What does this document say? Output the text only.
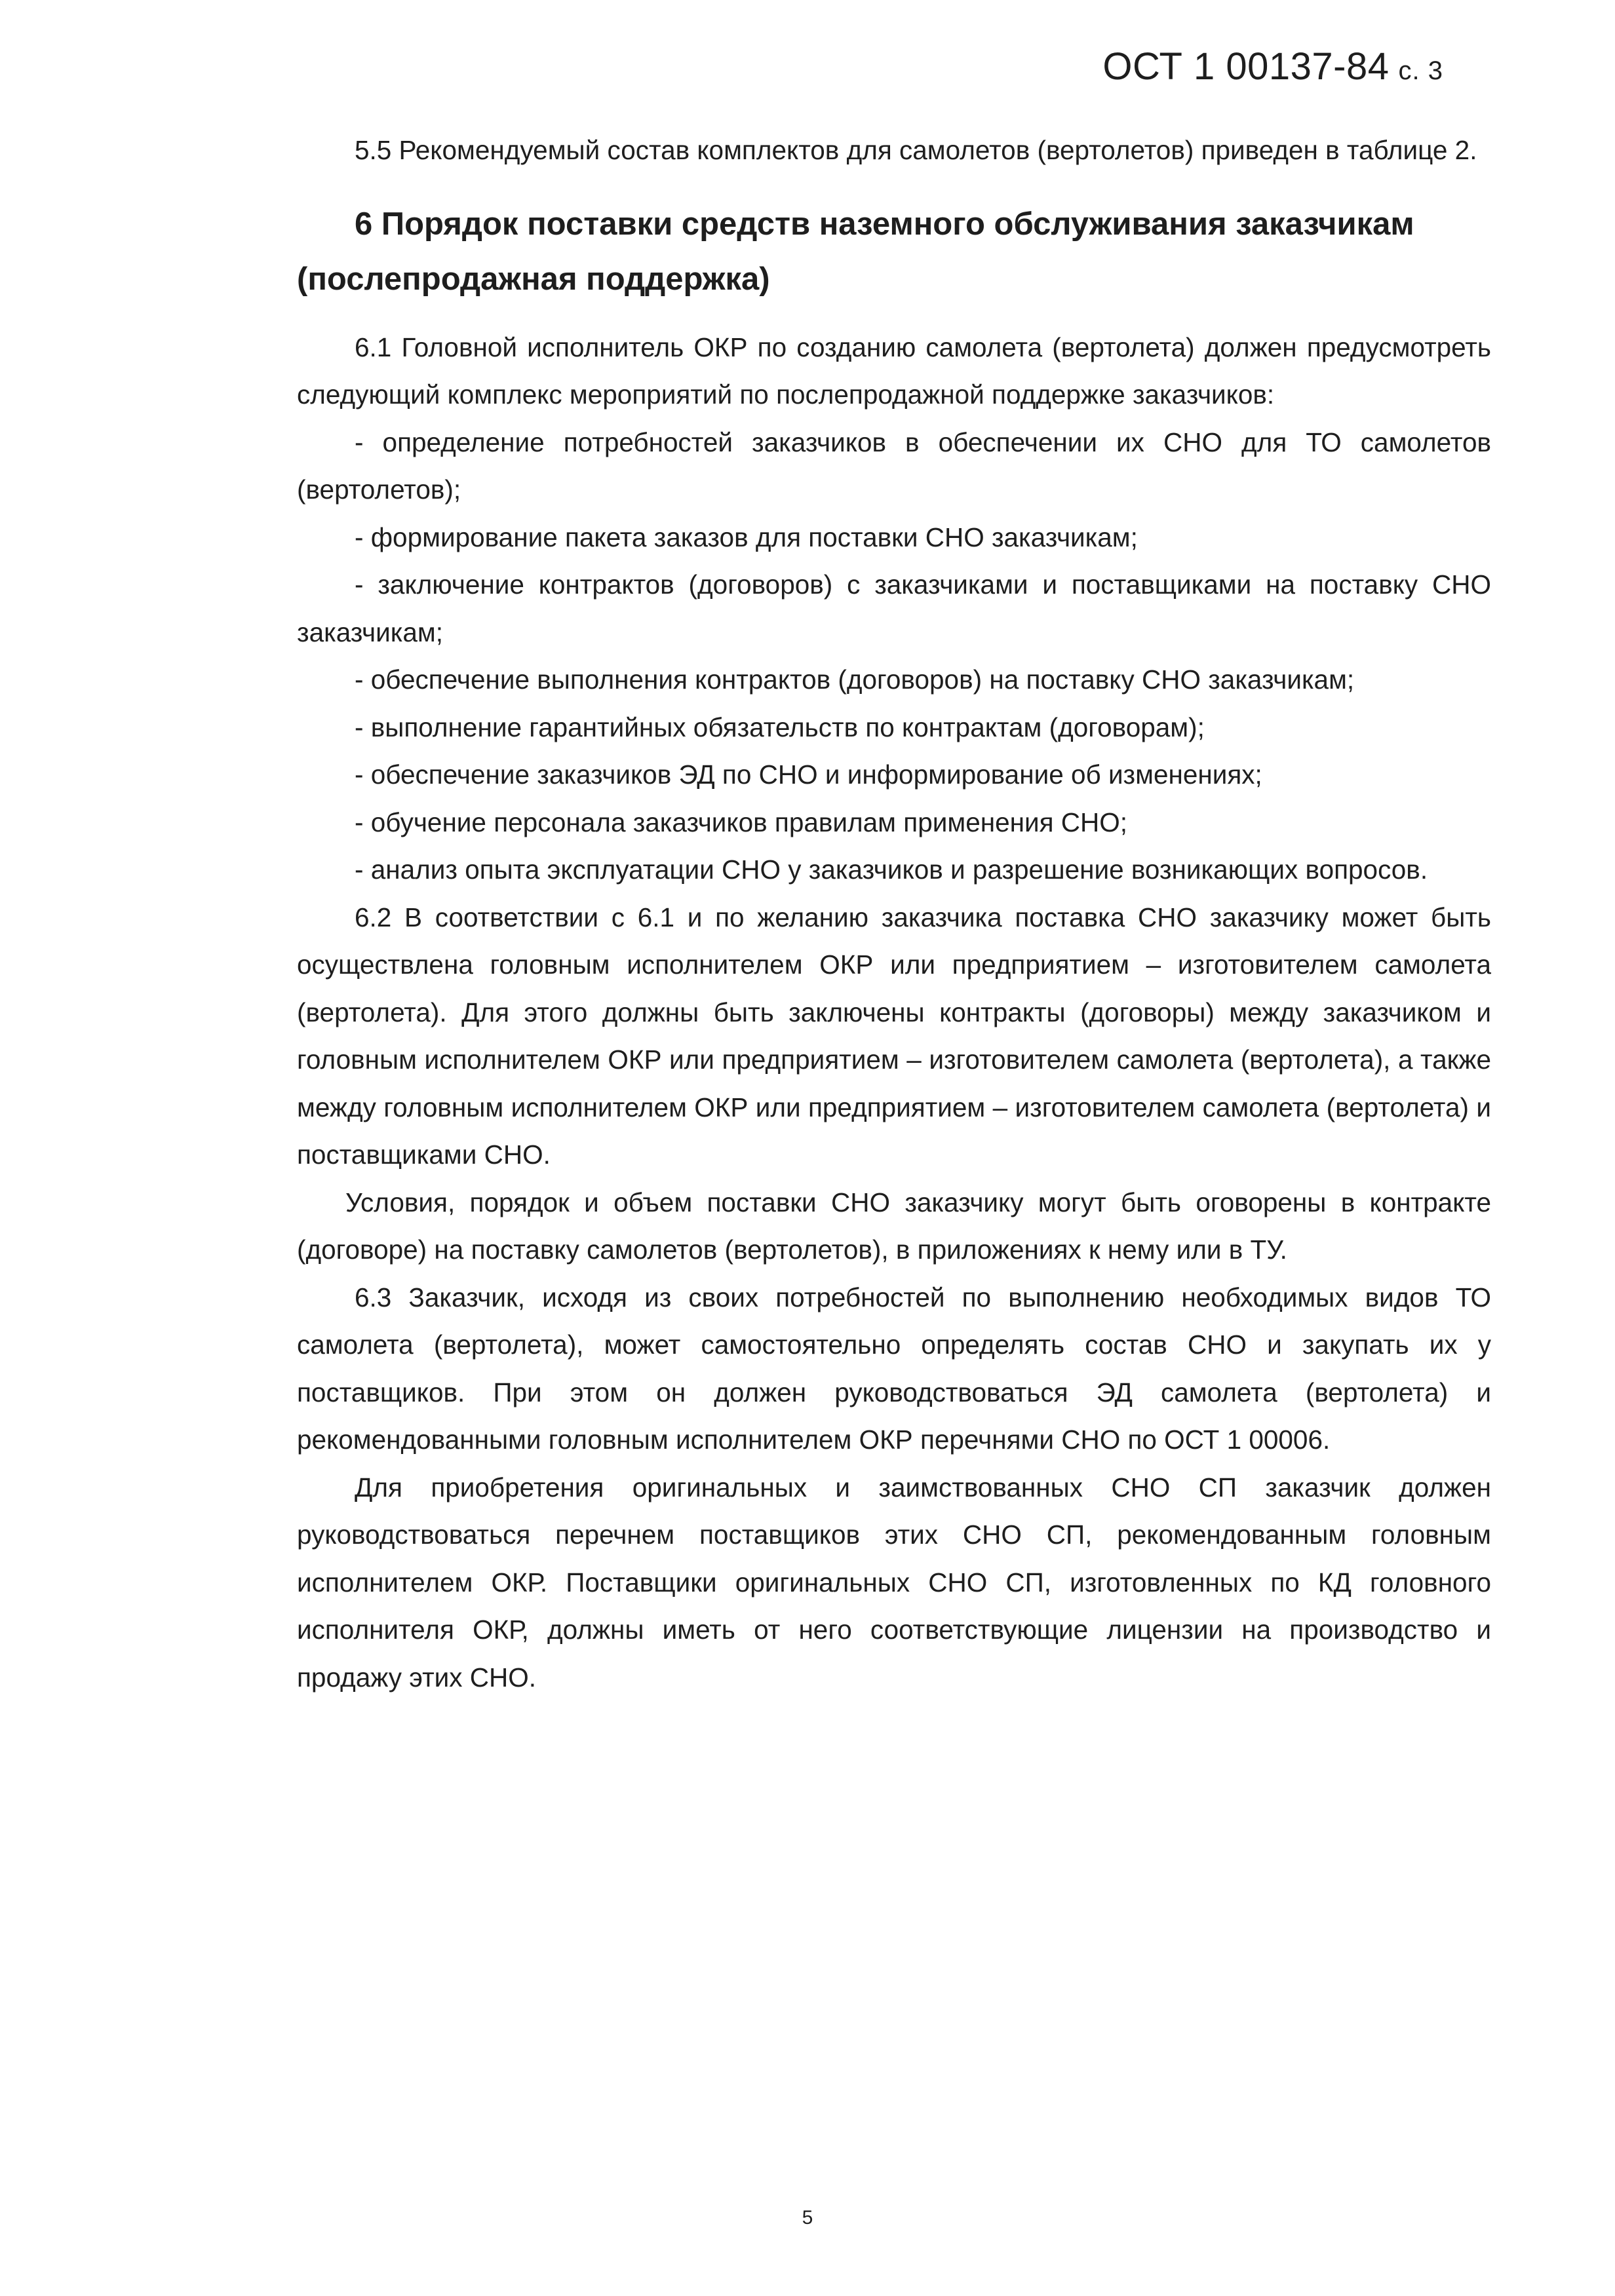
ОСТ 1 00137-84 с. 3

5.5 Рекомендуемый состав комплектов для самолетов (вертолетов) приведен в таблице 2.

6 Порядок поставки средств наземного обслуживания заказчикам (послепродажная поддержка)

6.1 Головной исполнитель ОКР по созданию самолета (вертолета) должен предусмотреть следующий комплекс мероприятий по послепродажной поддержке заказчиков:

- определение потребностей заказчиков в обеспечении их СНО для ТО самолетов (вертолетов);

- формирование пакета заказов для поставки СНО заказчикам;

- заключение контрактов (договоров) с заказчиками и поставщиками на поставку СНО заказчикам;

- обеспечение выполнения контрактов (договоров) на поставку СНО заказчикам;

- выполнение гарантийных обязательств по контрактам (договорам);

- обеспечение заказчиков ЭД по СНО и информирование об изменениях;

- обучение персонала заказчиков правилам применения СНО;

- анализ опыта эксплуатации СНО у заказчиков и разрешение возникающих вопросов.

6.2 В соответствии с 6.1 и по желанию заказчика поставка СНО заказчику может быть осуществлена головным исполнителем ОКР или предприятием – изготовителем самолета (вертолета). Для этого должны быть заключены контракты (договоры) между заказчиком и головным исполнителем ОКР или предприятием – изготовителем самолета (вертолета), а также между головным исполнителем ОКР или предприятием – изготовителем самолета (вертолета) и поставщиками СНО.

Условия, порядок и объем поставки СНО заказчику могут быть оговорены в контракте (договоре) на поставку самолетов (вертолетов), в приложениях к нему или в ТУ.

6.3 Заказчик, исходя из своих потребностей по выполнению необходимых видов ТО самолета (вертолета), может самостоятельно определять состав СНО и закупать их у поставщиков. При этом он должен руководствоваться ЭД самолета (вертолета) и рекомендованными головным исполнителем ОКР перечнями СНО по ОСТ 1 00006.

Для приобретения оригинальных и заимствованных СНО СП заказчик должен руководствоваться перечнем поставщиков этих СНО СП, рекомендованным головным исполнителем ОКР. Поставщики оригинальных СНО СП, изготовленных по КД головного исполнителя ОКР, должны иметь от него соответствующие лицензии на производство и продажу этих СНО.

5
